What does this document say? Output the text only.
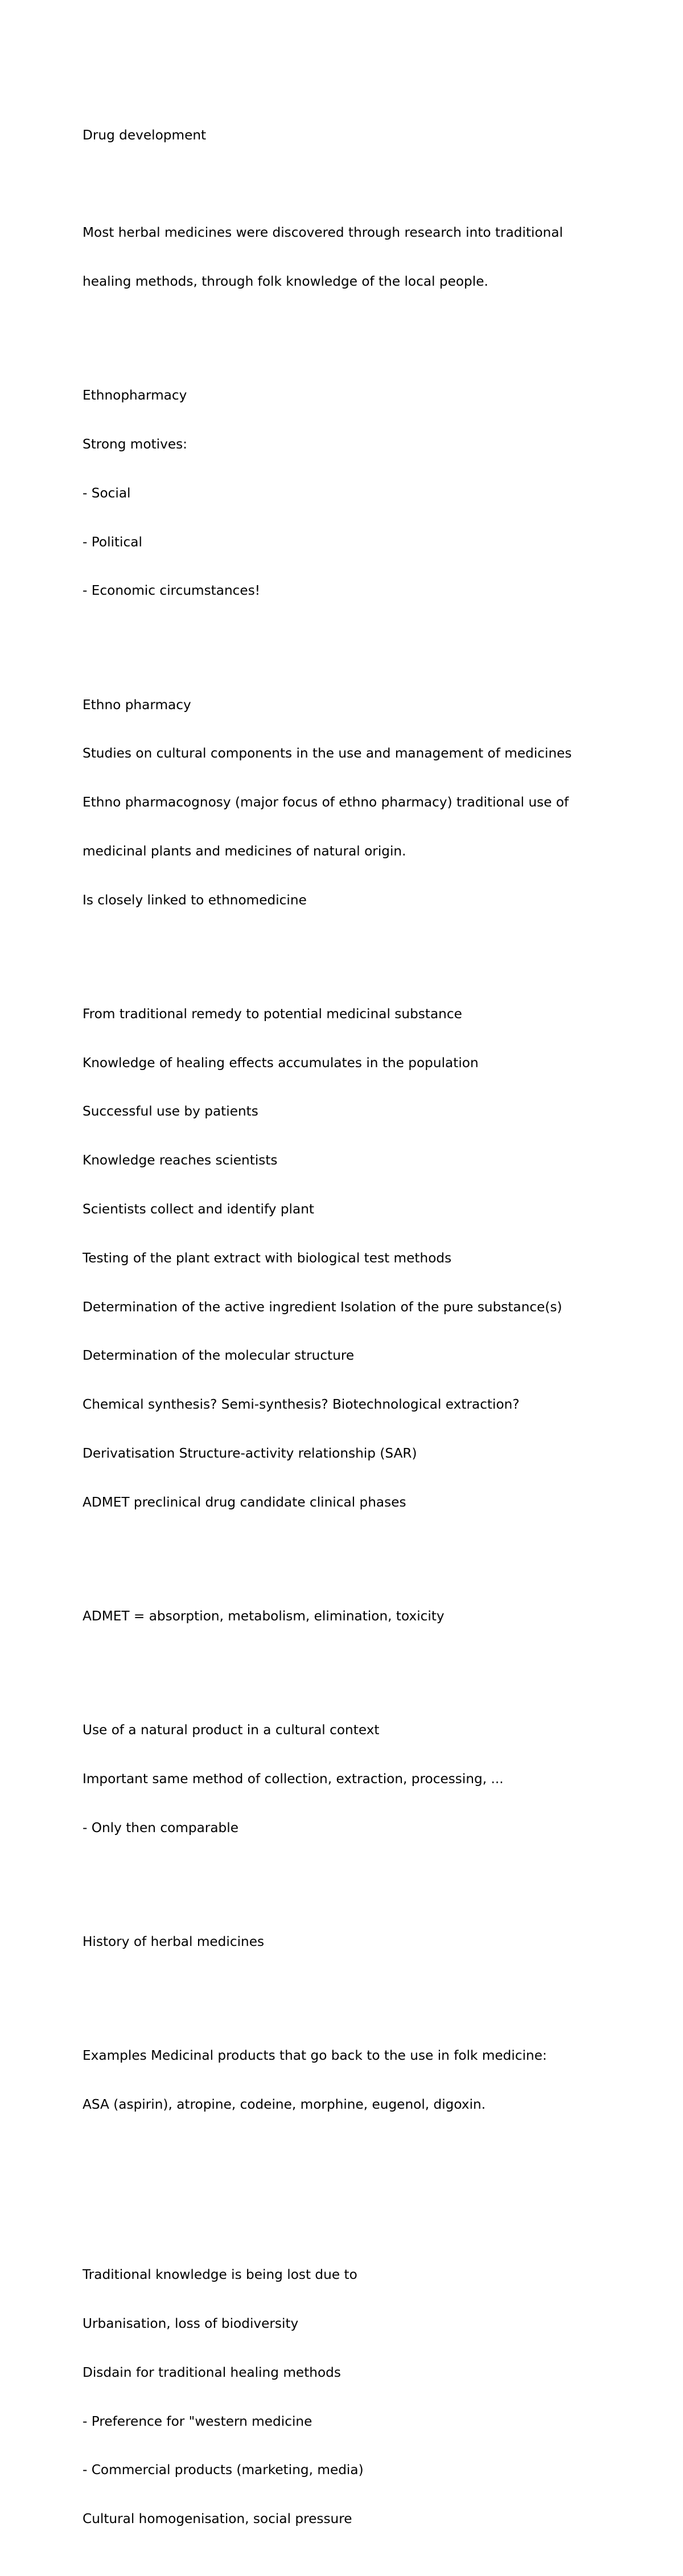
Drug development

Most herbal medicines were discovered through research into traditional

healing methods, through folk knowledge of the local people.

Ethnopharmacy

Strong motives:

- Social

- Political

- Economic circumstances!

Ethno pharmacy

Studies on cultural components in the use and management of medicines

Ethno pharmacognosy (major focus of ethno pharmacy) traditional use of

medicinal plants and medicines of natural origin.

Is closely linked to ethnomedicine

From traditional remedy to potential medicinal substance

Knowledge of healing effects accumulates in the population

Successful use by patients

Knowledge reaches scientists

Scientists collect and identify plant

Testing of the plant extract with biological test methods

Determination of the active ingredient Isolation of the pure substance(s)

Determination of the molecular structure

Chemical synthesis? Semi-synthesis? Biotechnological extraction?

Derivatisation Structure-activity relationship (SAR)

ADMET preclinical drug candidate clinical phases

ADMET = absorption, metabolism, elimination, toxicity

Use of a natural product in a cultural context

Important same method of collection, extraction, processing, ...

- Only then comparable

History of herbal medicines

Examples Medicinal products that go back to the use in folk medicine:

ASA (aspirin), atropine, codeine, morphine, eugenol, digoxin.

Traditional knowledge is being lost due to

Urbanisation, loss of biodiversity

Disdain for traditional healing methods

- Preference for "western medicine

- Commercial products (marketing, media)

Cultural homogenisation, social pressure
